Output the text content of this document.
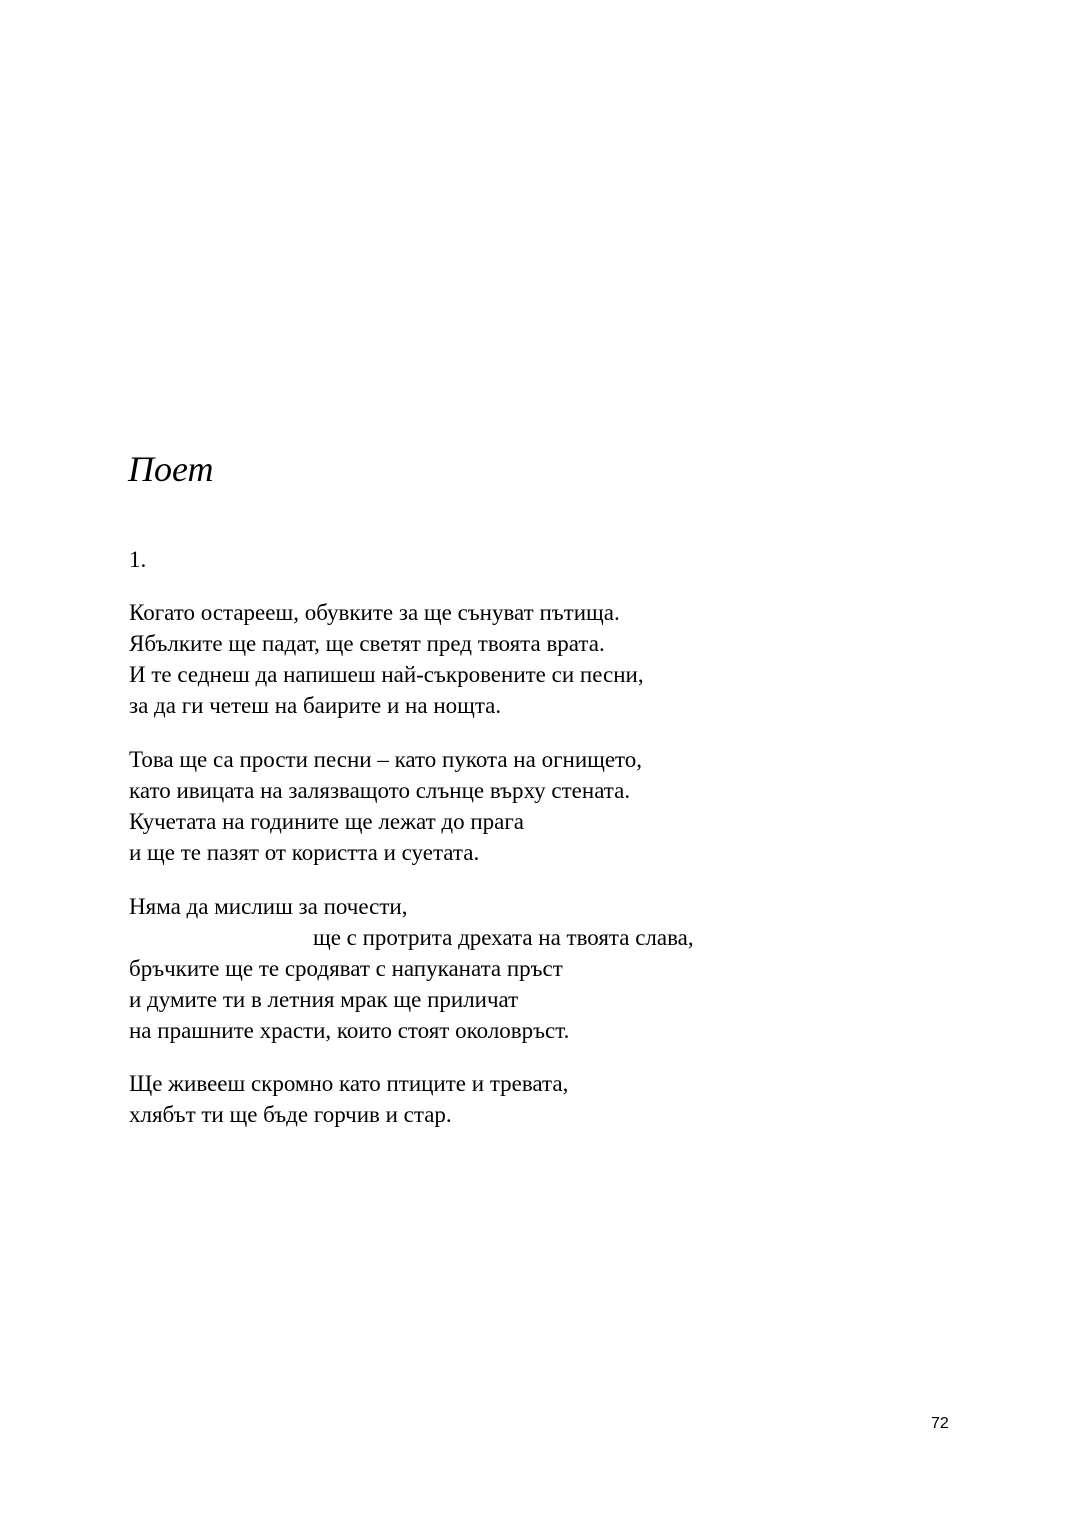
Поет
1.
Когато остарееш, обувките за ще сънуват пътища.
Ябълките ще падат, ще светят пред твоята врата.
И те седнеш да напишеш най-съкровените си песни,
за да ги четеш на баирите и на нощта.
Това ще са прости песни – като пукота на огнището,
като ивицата на залязващото слънце върху стената.
Кучетата на годините ще лежат до прага
и ще те пазят от користта и суетата.
Няма да мислиш за почести,
ще с протрита дрехата на твоята слава,
бръчките ще те сродяват с напуканата пръст
и думите ти в летния мрак ще приличат
на прашните храсти, които стоят околовръст.
Ще живееш скромно като птиците и тревата,
хлябът ти ще бъде горчив и стар.
72
